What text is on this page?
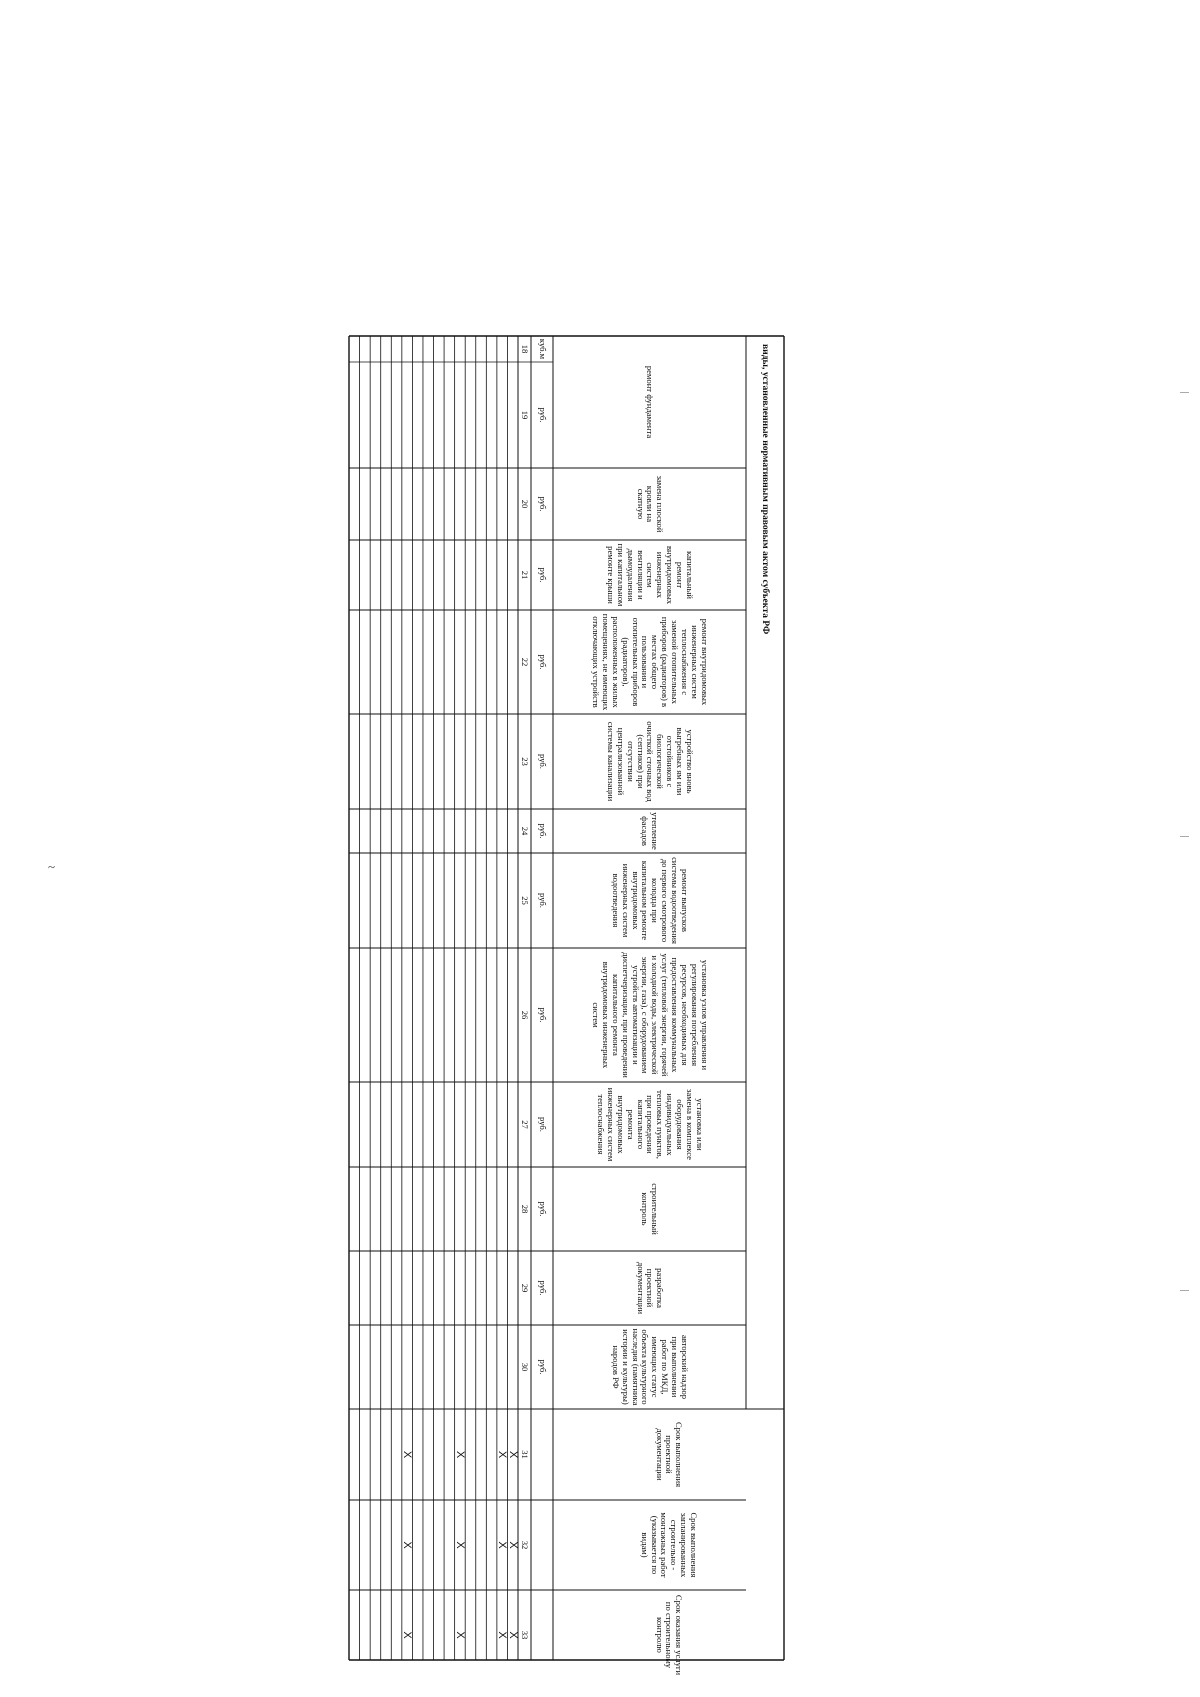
~
виды, установленные нормативным правовым актом субъекта РФ
ремонт фундамента
куб.м
руб.
18
19
замена плоской кровли на скатную
руб.
20
капитальный ремонт внутридомовых инженерных систем вентиляции и дымоудаления при капитальном ремонте крыши
руб.
21
ремонт внутридомовых инженерных систем теплоснабжения с заменой отопительных приборов (радиаторов) в местах общего пользования и отопительных приборов (радиаторов), расположенных в жилых помещениях, не имеющих отключающих устройств
руб.
22
устройство вновь выгребных ям или отстойников с биологической очисткой сточных вод (септиков) при отсутствии централизованной системы канализации
руб.
23
утепление фасадов
руб.
24
ремонт выпусков системы водоотведения до первого смотрового колодца при капитальном ремонте внутридомовых инженерных систем водоотведения
руб.
25
установка узлов управления и регулирования потребления ресурсов, необходимых для предоставления коммунальных услуг (тепловой энергии, горячей и холодной воды, электрической энергии, газа), с оборудованием устройств автоматизации и диспетчеризации, при проведении капитального ремонта внутридомовых инженерных систем
руб.
26
установка или замена в комплексе оборудования индивидуальных тепловых пунктов, при проведении капитального ремонта внутридомовых инженерных систем теплоснабжения
руб.
27
строительный контроль
руб.
28
разработка проектной документации
руб.
29
авторский надзор при выполнении работ по МКД, имеющих статус объекта культурного наследия (памятника истории и культуры) народов РФ
руб.
30
Срок выполнения проектной документации
31
Срок выполнения запланированных строительно - монтажных работ (указывается по видам)
32
Срок оказания услуги по строительному контролю
33
X
X
X
X
X
X
X
X
X
X
X
X
